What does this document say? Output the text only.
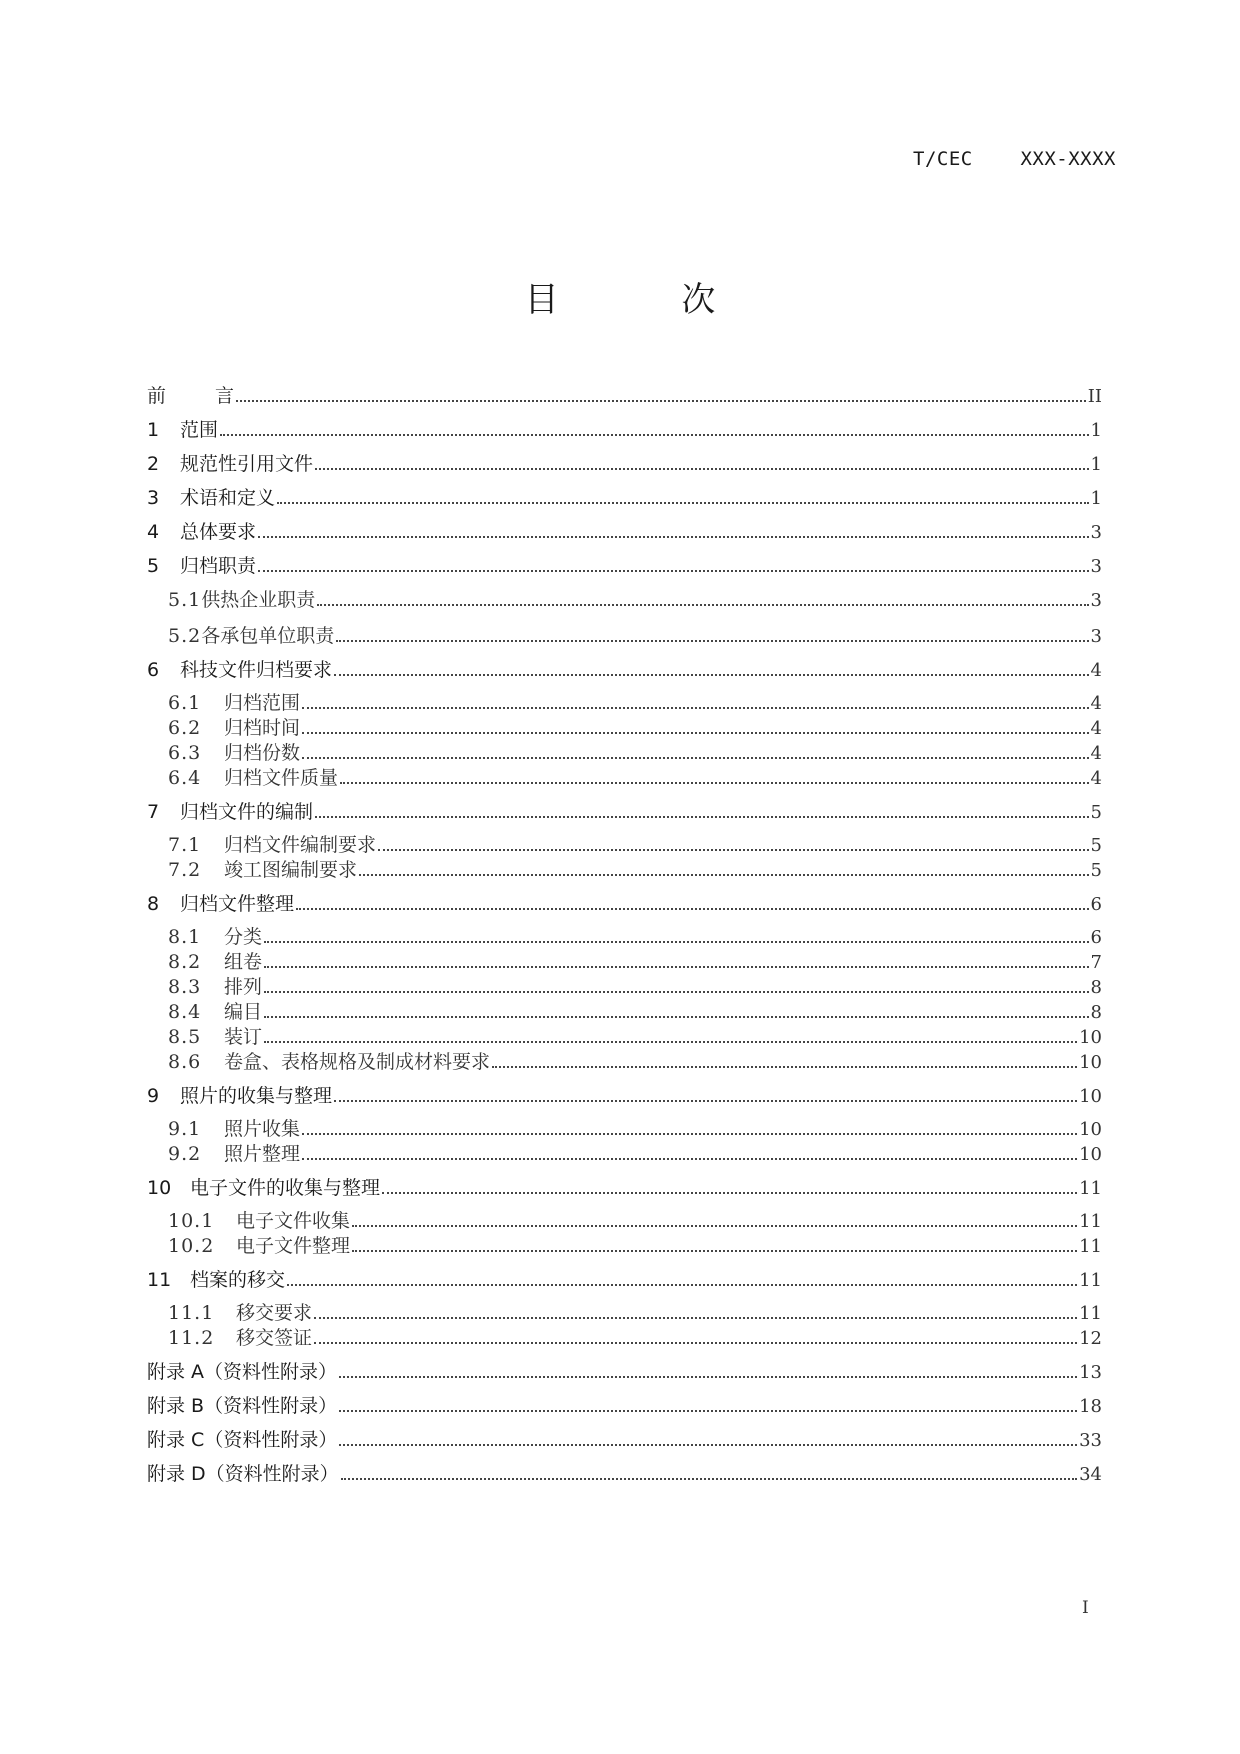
T/CEC    XXX-XXXX
目 次
前	言	II
1	范围	1
2	规范性引用文件	1
3	术语和定义	1
4	总体要求	3
5	归档职责	3
5.1 供热企业职责	3
5.2 各承包单位职责	3
6	科技文件归档要求	4
6.1	归档范围	4
6.2	归档时间	4
6.3	归档份数	4
6.4	归档文件质量	4
7	归档文件的编制	5
7.1	归档文件编制要求	5
7.2	竣工图编制要求	5
8	归档文件整理	6
8.1	分类	6
8.2	组卷	7
8.3	排列	8
8.4	编目	8
8.5	装订	10
8.6	卷盒、表格规格及制成材料要求	10
9	照片的收集与整理	10
9.1	照片收集	10
9.2	照片整理	10
10 电子文件的收集与整理	11
10.1	电子文件收集	11
10.2	电子文件整理	11
11 档案的移交	11
11.1	移交要求	11
11.2	移交签证	12
附录 A （资料性附录）	13
附录 B （资料性附录）	18
附录 C （资料性附录）	33
附录 D （资料性附录）	34
I
